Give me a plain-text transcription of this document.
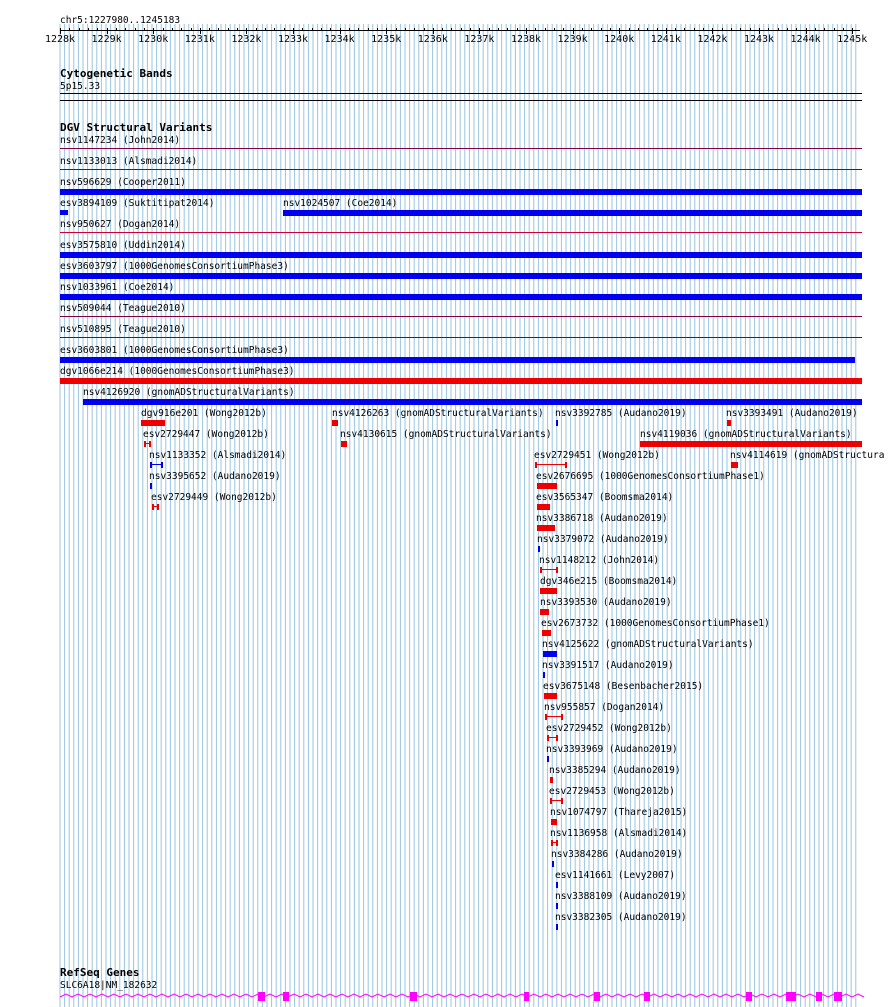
chr5:1227980..1245183
1228k 1229k 1230k 1231k 1232k 1233k 1234k 1235k 1236k 1237k 1238k 1239k 1240k 1241k 1242k 1243k 1244k 1245k
Cytogenetic Bands
5p15.33
DGV Structural Variants
nsv1147234 (John2014)
nsv1133013 (Alsmadi2014)
nsv596629 (Cooper2011)
esv3894109 (Suktitipat2014)	nsv1024507 (Coe2014)
nsv950627 (Dogan2014)
esv3575810 (Uddin2014)
esv3603797 (1000GenomesConsortiumPhase3)
nsv1033961 (Coe2014)
nsv509044 (Teague2010)
nsv510895 (Teague2010)
esv3603801 (1000GenomesConsortiumPhase3)
dgv1066e214 (1000GenomesConsortiumPhase3)
nsv4126920 (gnomADStructuralVariants)
dgv916e201 (Wong2012b)	nsv4126263 (gnomADStructuralVariants) nsv3392785 (Audano2019)	nsv3393491 (Audano2019)
esv2729447 (Wong2012b)	nsv4130615 (gnomADStructuralVariants)	nsv4119036 (gnomADStructuralVariants)
nsv1133352 (Alsmadi2014)	esv2729451 (Wong2012b)	nsv4114619 (gnomADStructura
nsv3395652 (Audano2019)	esv2676695 (1000GenomesConsortiumPhase1)
esv2729449 (Wong2012b)	esv3565347 (Boomsma2014)
nsv3386718 (Audano2019)
nsv3379072 (Audano2019)
nsv1148212 (John2014)
dgv346e215 (Boomsma2014)
nsv3393530 (Audano2019)
esv2673732 (1000GenomesConsortiumPhase1)
nsv4125622 (gnomADStructuralVariants)
nsv3391517 (Audano2019)
esv3675148 (Besenbacher2015)
nsv955857 (Dogan2014)
esv2729452 (Wong2012b)
nsv3393969 (Audano2019)
nsv3385294 (Audano2019)
esv2729453 (Wong2012b)
nsv1074797 (Thareja2015)
nsv1136958 (Alsmadi2014)
nsv3384286 (Audano2019)
esv1141661 (Levy2007)
nsv3388109 (Audano2019)
nsv3382305 (Audano2019)
RefSeq Genes
SLC6A18|NM_182632
